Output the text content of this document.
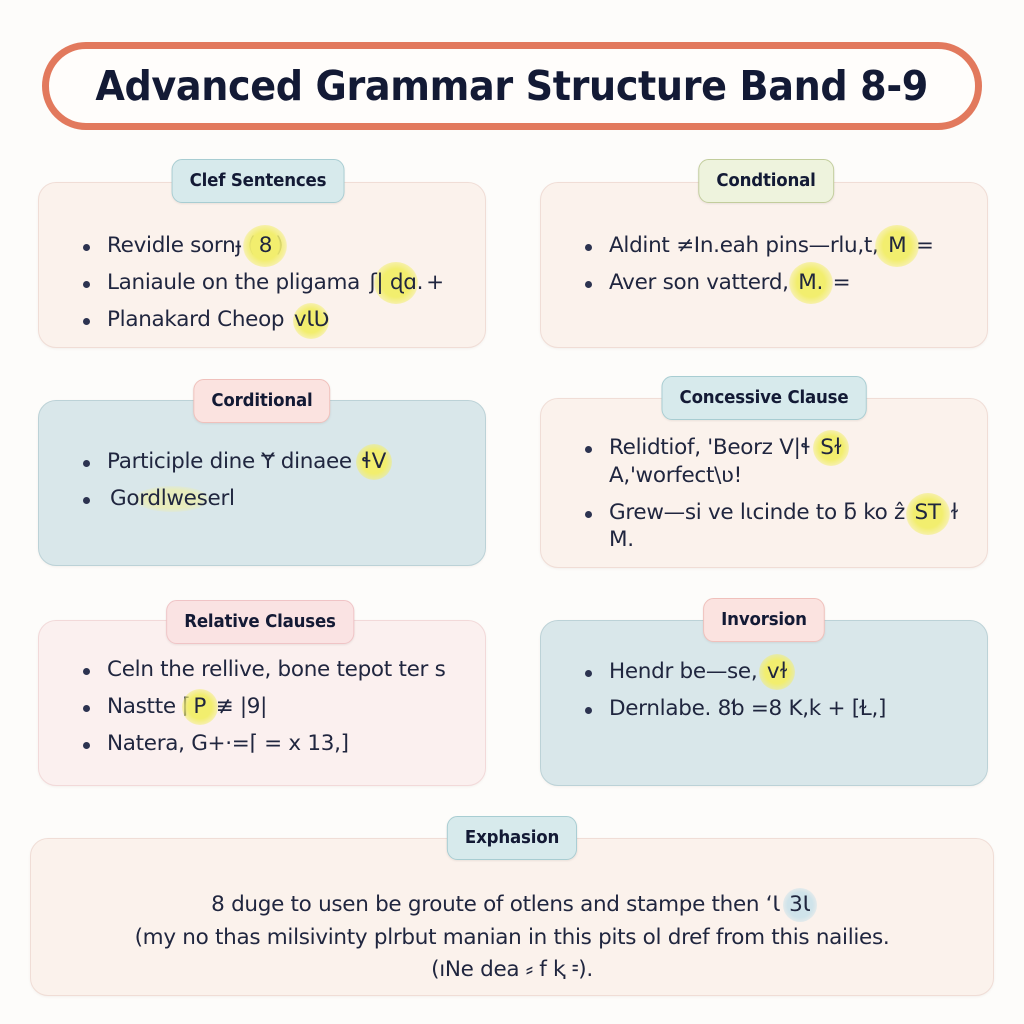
Advanced Grammar Structure Band 8-9
Revidle sornɟ ( 8 )
Laniaule on the pligama ʃ| ɖɑ. +
Planakard Cheop vƖƲ
Clef Sentences
Aldint ≠In.eah pins—rlu,t, M =
Aver son vatterd, M. =
Condtional
Participle dine Ɏ dinaee ɬV
Gordlweserl
Corditional
Relidtiof, 'Beorz V|ɬ Sɫ
A,'worfect\ʋ!
Grew—si ve lɩcinde to ƃ ko ẑ ST ɫ M.
Concessive Clause
Celn the rellive, bone tepot ter s
Nastte ⌈ P ≢ |9|
Natera, G+·=⌈ = x 13,]
Relative Clauses
Hendr be—se, vɫ
Dernlabe. 8ƅ =8 K,k + [Ɫ,]
Invorsion
8 duge to usen be groute of otlens and stampe then ʻƖ 3Ɩ
(my no thas milsivinty plrbut manian in this pits ol dref from this nailies.
(ıNe dea ⸗ f ⱪ ⹀).
Exphasion
